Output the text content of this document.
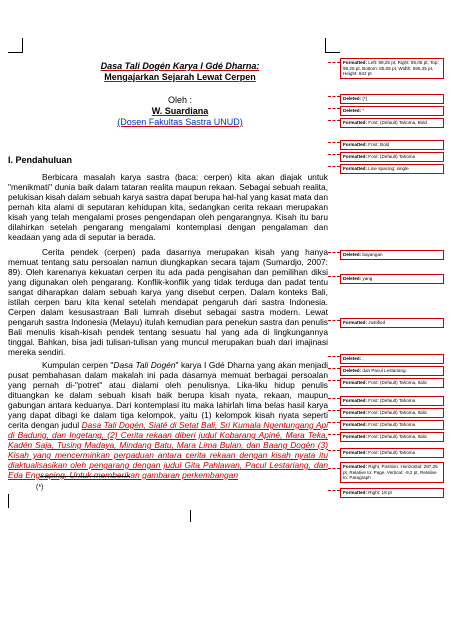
Dasa Tali Dogén Karya I Gdé Dharna:
Mengajarkan Sejarah Lewat Cerpen
Oleh :
W. Suardiana
(Dosen Fakultas Sastra UNUD)
I. Pendahuluan

Berbicara masalah karya sastra (baca: cerpen) kita akan diajak untuk "menikmati" dunia baik dalam tataran realita maupun rekaan. Sebagai sebuah realita, pelukisan kisah dalam sebuah karya sastra dapat berupa hal-hal yang kasat mata dan pernah kita alami di seputaran kehidupan kita, sedangkan cerita rekaan merupakan kisah yang telah mengalami proses pengendapan oleh pengarangnya. Kisah itu baru dilahirkan setelah pengarang mengalami kontemplasi dengan pengalaman dan keadaan yang ada di seputar ia berada.

Cerita pendek (cerpen) pada dasarnya merupakan kisah yang hanya memuat tentang satu persoalan namun diungkapkan secara tajam (Sumardjo, 2007: 89). Oleh karenanya kekuatan cerpen itu ada pada pengisahan dan pemilihan diksi yang digunakan oleh pengarang. Konflik-konflik yang tidak terduga dan padat tentu sangat diharapkan dalam sebuah karya yang disebut cerpen. Dalam konteks Bali, istilah cerpen baru kita kenal setelah mendapat pengaruh dari sastra Indonesia. Cerpen dalam kesusastraan Bali lumrah disebut sebagai sastra modern. Lewat pengaruh sastra Indonesia (Melayu) itulah kemudian para penekun sastra dan penulis Bali menulis kisah-kisah pendek tentang sesuatu hal yang ada di lingkungannya tinggal. Bahkan, bisa jadi tulisan-tulisan yang muncul merupakan buah dari imajinasi mereka sendiri.

Kumpulan cerpen "Dasa Tali Dogén" karya I Gdé Dharna yang akan menjadi pusat pembahasan dalam makalah ini pada dasarnya memuat berbagai persoalan yang pernah di-"potret" atau dialami oleh penulisnya. Lika-liku hidup penulis dituangkan ke dalam sebuah kisah baik berupa kisah nyata, rekaan, maupun gabungan antara keduanya. Dari kontemplasi itu maka lahirlah lima belas hasil karya yang dapat dibagi ke dalam tiga kelompok, yaitu (1) kelompok kisah nyata seperti cerita dengan judul Dasa Tali Dogén, Siaté di Setat Bali, Sri Kumala Ngentungang Api di Badung, dan Ingetang, (2) Cerita rekaan diberi judul Kobarang Apiné, Mara Teka, Kadén Saja, Tusing Madaya, Mindang Batu, Mara Lima Bulan, dan Baang Dogén (3) Kisah yang mencerminkan perpaduan antara cerita rekaan dengan kisah nyata itu diaktualisasikan oleh pengarang dengan judul Gita Pahlawan, Pacul Lestariang, dan Eda Engsaping. Untuk memberikan gambaran perkembangan

(*)
Formatted: Left: 99,25 pt, Right: 85,05 pt, Top: 99,25 pt, Bottom: 85,05 pt, Width: 595,35 pt, Height: 842 pt
Deleted: (*)
Deleted: *
Formatted: Font: (Default) Tahoma, Bold
Formatted: Font: Bold
Formatted: Font: (Default) Tahoma
Formatted: Line spacing: single
Deleted: bayangan
Deleted: yang
Formatted: Justified
Deleted: ,
Deleted: dan Pacul Lestariang.
Formatted: Font: (Default) Tahoma, Italic
Formatted: Font: (Default) Tahoma
Formatted: Font: (Default) Tahoma, Italic
Formatted: Font: (Default) Tahoma
Formatted: Font: (Default) Tahoma, Italic
Formatted: Font: (Default) Tahoma
Formatted: Right, Position: Horizontal: 297,25 pt, Relative to: Page, Vertical: -9,2 pt, Relative to: Paragraph
Formatted: Right: 18 pt
